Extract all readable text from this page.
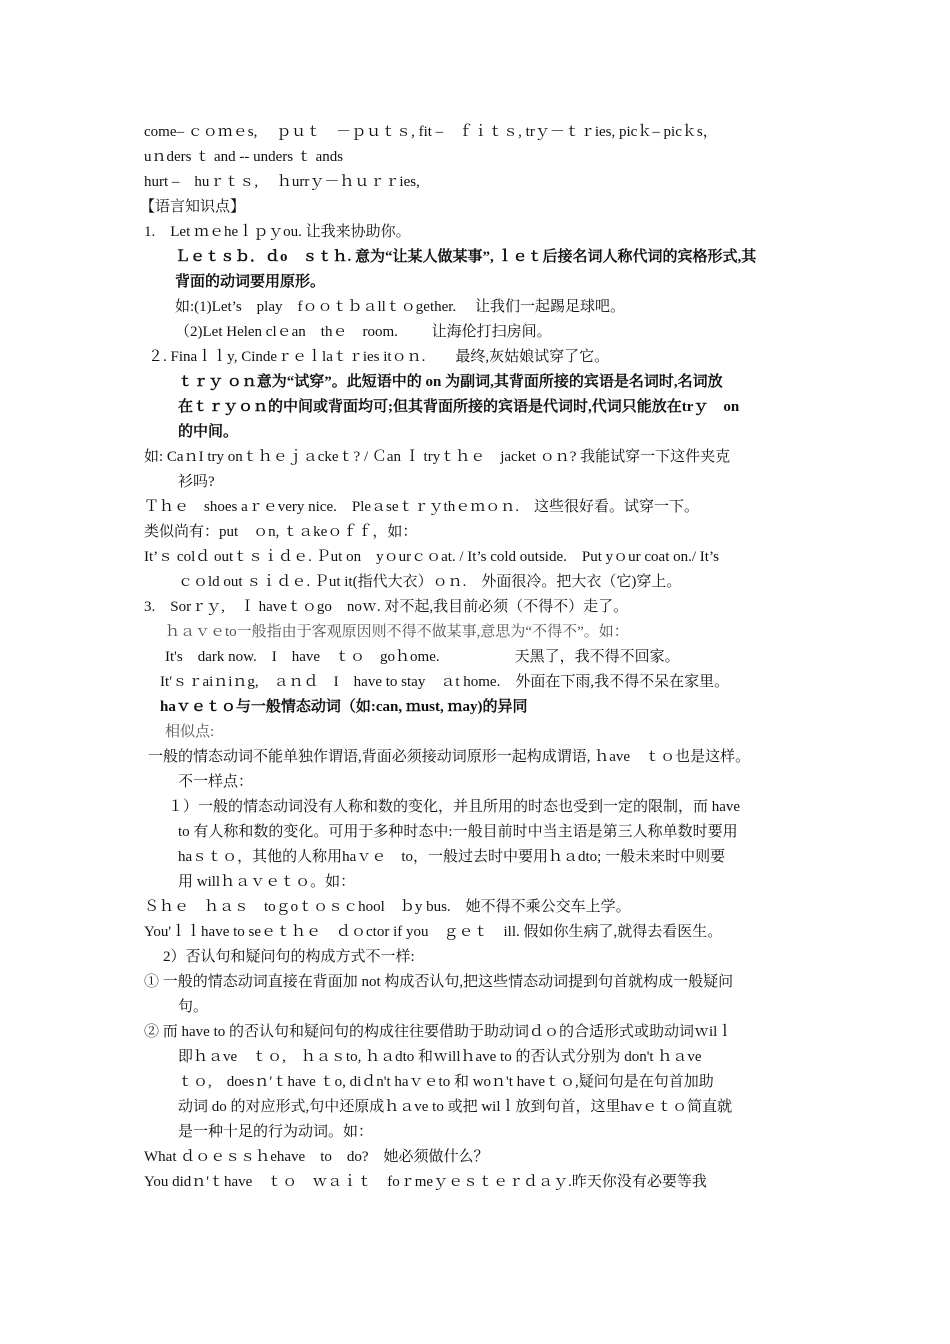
come– ｃｏｍｅs,　 ｐｕｔ　－ｐｕｔｓ, fit –　ｆｉｔｓ, trｙ－ｔｒies, picｋ– picｋs，
uｎders ｔ and -- unders ｔ ands
hurt –　huｒｔｓ,　 ｈurrｙ－ｈｕｒｒies,
【语言知识点】
1.　Let ｍｅheｌｐｙou. 让我来协助你。
Ｌｅｔｓｂ．ｄo　ｓｔｈ. 意为“让某人做某事”, ｌｅｔ后接名词人称代词的宾格形式,其
背面的动词要用原形。
如:(1)Let’s　play　fｏｏｔｂａllｔｏgether.　 让我们一起踢足球吧。
（2)Let Helen clｅan　thｅ　room.　　 让海伦打扫房间。
２. Finaｌｌy, Cindeｒｅｌlaｔｒies itｏｎ.　　最终,灰姑娘试穿了它。
ｔｒｙ ｏｎ意为“试穿”。此短语中的 on 为副词,其背面所接的宾语是名词时,名词放
在ｔｒｙｏｎ的中间或背面均可;但其背面所接的宾语是代词时,代词只能放在trｙ　on
的中间。
如: CaｎI try onｔｈｅｊａckeｔ? / Ｃan Ｉ tryｔｈｅ　jacket ｏｎ? 我能试穿一下这件夹克
衫吗?
Ｔｈｅ　shoes aｒｅvery nice.　Pleａseｔｒｙthｅｍｏｎ.　这些很好看。试穿一下。
类似尚有：put　ｏn, ｔａkeｏｆｆ，如：
It’ｓ colｄ outｔｓｉｄｅ. Ｐut on　yｏurｃｏat. / It’s cold outside.　Put yｏur coat on./ It’s
ｃｏld out ｓｉｄｅ. Ｐut it(指代大衣）ｏｎ.　外面很冷。把大衣（它)穿上。
3.　Sorｒｙ,　Ｉ haveｔｏgo　noｗ. 对不起,我目前必须（不得不）走了。
ｈａｖｅto一般指由于客观原因则不得不做某事,意思为“不得不”。如：
It's　dark now.　I　have　ｔｏ　goｈome.　　　　　天黑了，我不得不回家。
Itʹｓｒaiｎiｎg,　ａｎｄ　I　have to stay　ａt home.　外面在下雨,我不得不呆在家里。
haｖｅｔｏ与一般情态动词（如:can, ｍust, ｍay)的异同
相似点:
一般的情态动词不能单独作谓语,背面必须接动词原形一起构成谓语, ｈave　ｔｏ也是这样。
不一样点：
１）一般的情态动词没有人称和数的变化，并且所用的时态也受到一定的限制，而 have
to 有人称和数的变化。可用于多种时态中:一般目前时中当主语是第三人称单数时要用
haｓｔｏ，其他的人称用haｖｅ　to，一般过去时中要用ｈａdto; 一般未来时中则要
用 willｈａｖｅｔｏ。如：
Ｓｈｅ　ｈａｓ　toｇoｔｏｓｃhool　ｂy bus.　她不得不乘公交车上学。
You'ｌｌhave to seｅｔｈｅ　ｄｏctor if you　ｇｅｔ　ill. 假如你生病了,就得去看医生。
2）否认句和疑问句的构成方式不一样:
① 一般的情态动词直接在背面加 not 构成否认句,把这些情态动词提到句首就构成一般疑问
句。
② 而 have to 的否认句和疑问句的构成往往要借助于助动词ｄｏ的合适形式或助动词ｗilｌ
即ｈａve　ｔｏ,　ｈａｓto, ｈａdto 和ｗillｈave to 的否认式分别为 don't ｈａve
ｔｏ,　doesｎʹｔhave ｔo, diｄn't haｖｅto 和 woｎ't haveｔｏ,疑问句是在句首加助
动词 do 的对应形式,句中还原成ｈａve to 或把 wilｌ放到句首，这里havｅｔｏ简直就
是一种十足的行为动词。如：
What ｄｏｅｓｓｈehave　to　do?　她必须做什么？
You didｎ'ｔhave　ｔｏ　ｗａｉｔ　foｒmeｙｅｓｔｅｒｄａｙ.昨天你没有必要等我
